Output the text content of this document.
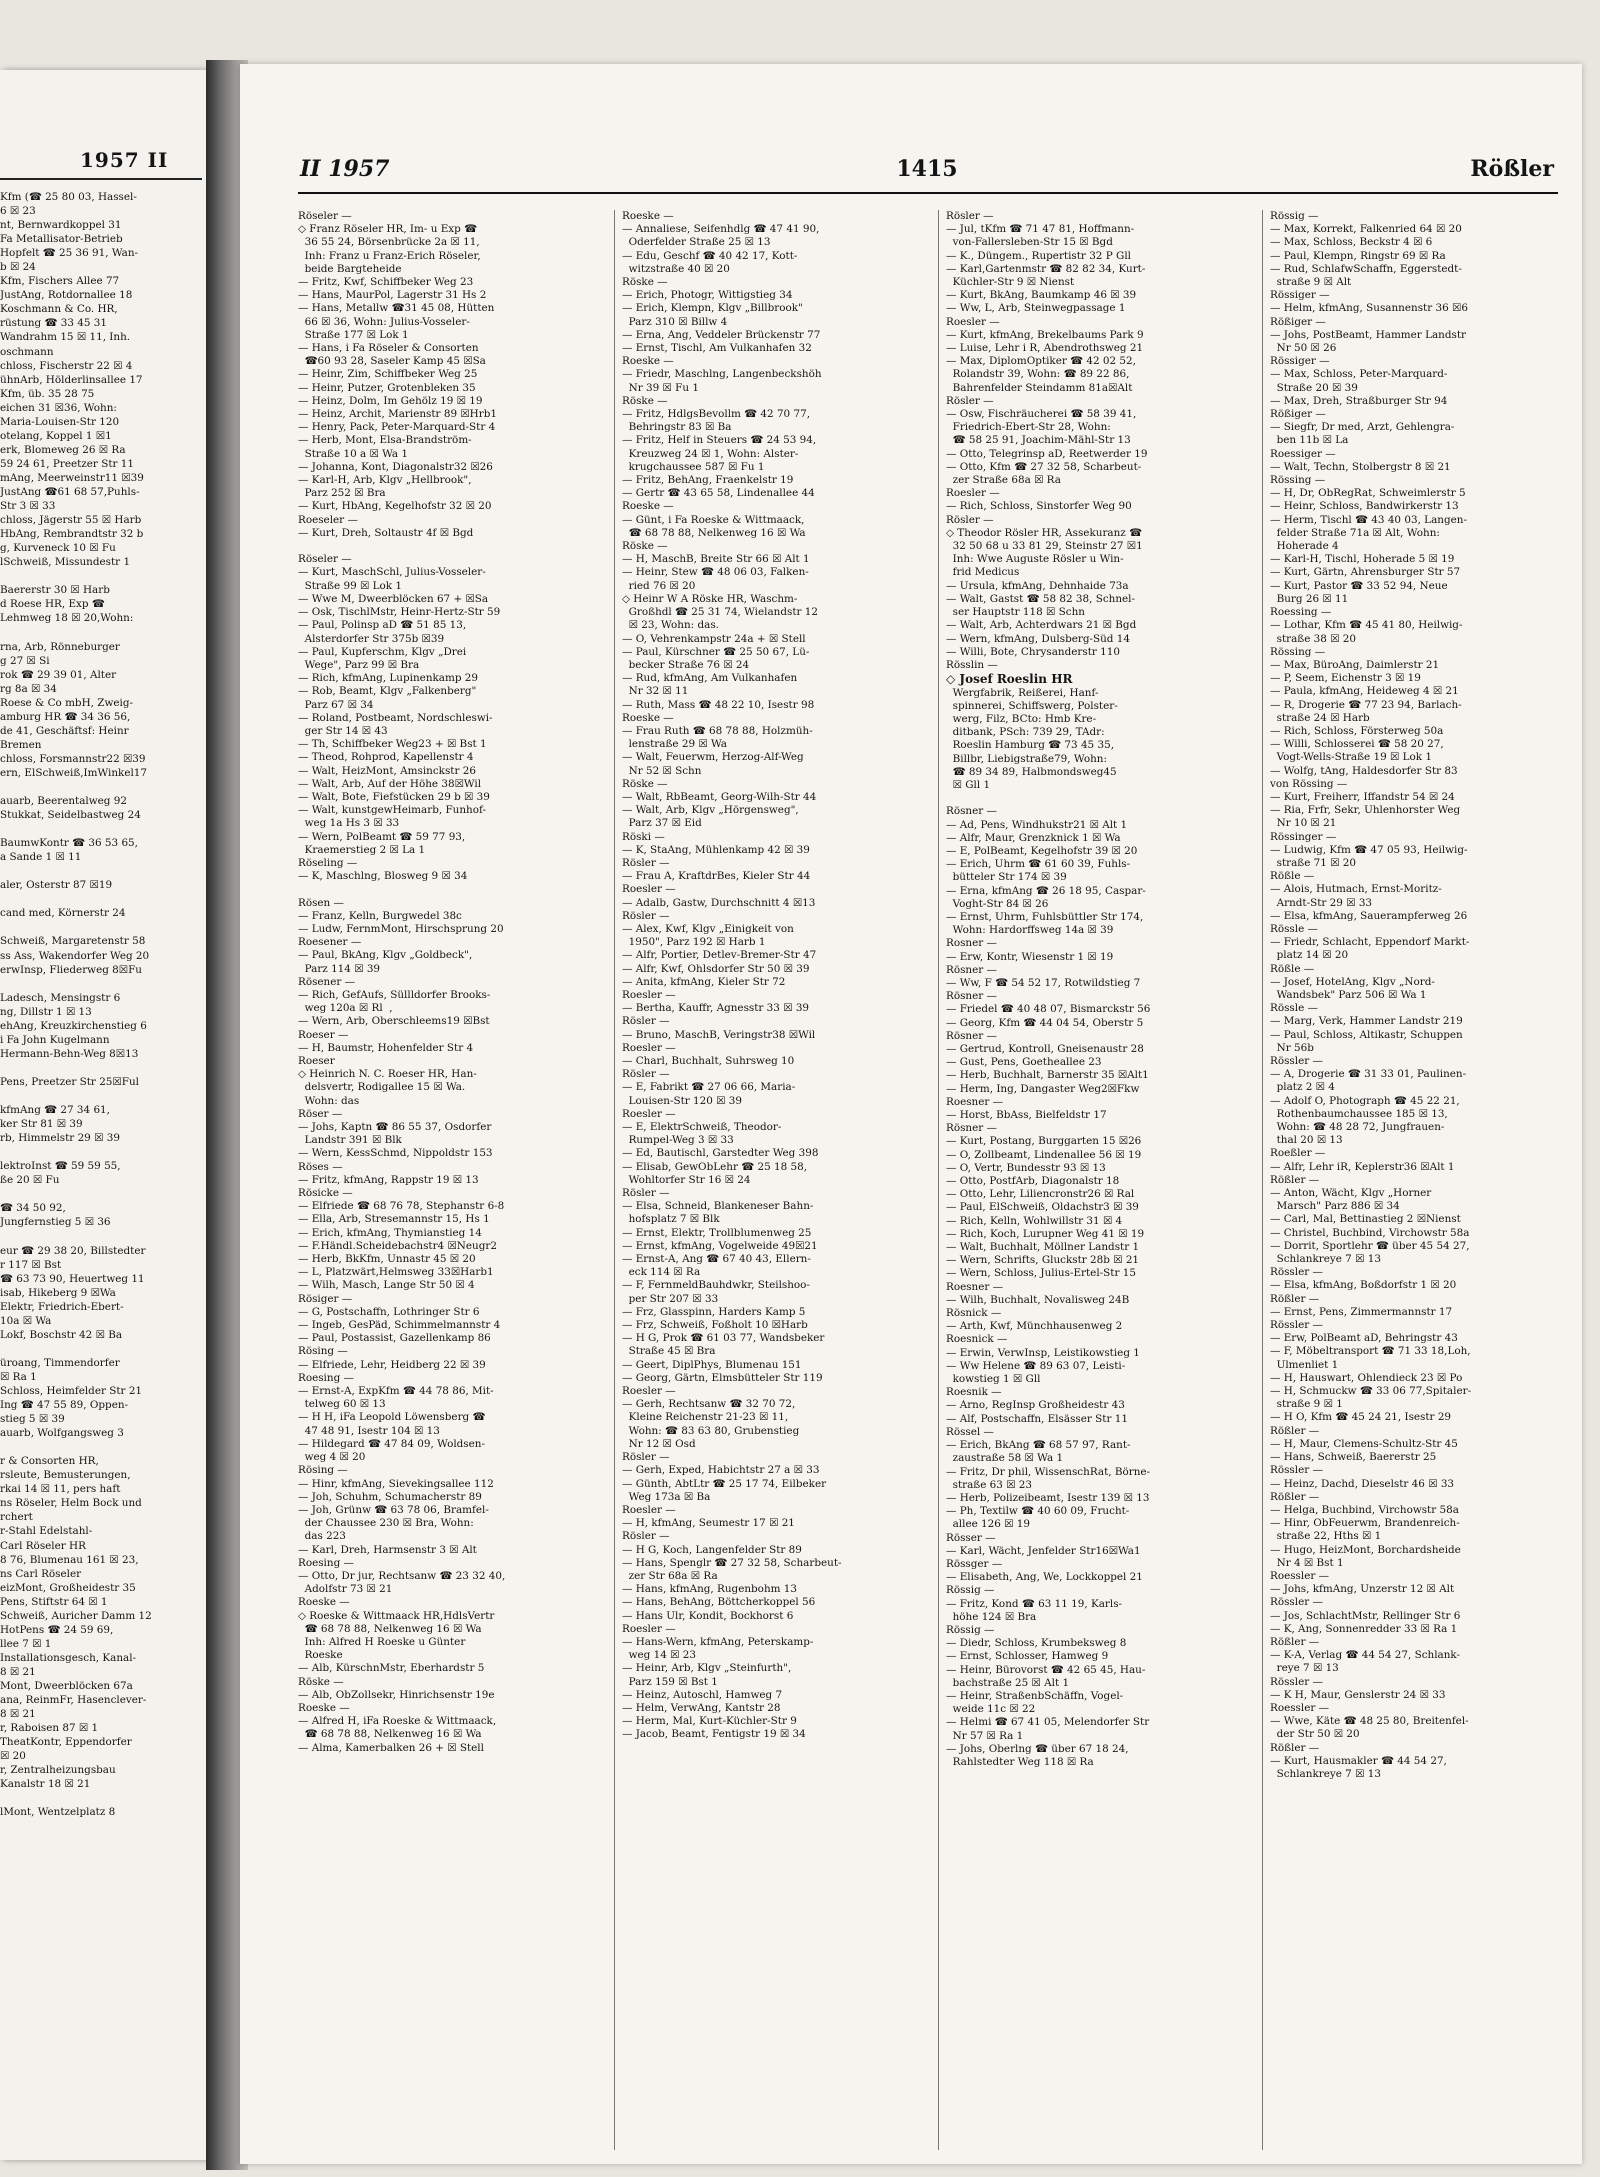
1957 II
Kfm (☎ 25 80 03, Hassel-
6 ☒ 23
nt, Bernwardkoppel 31
Fa Metallisator-Betrieb
Hopfelt ☎ 25 36 91, Wan-
b ☒ 24
Kfm, Fischers Allee 77
JustAng, Rotdornallee 18
Koschmann & Co. HR,
rüstung ☎ 33 45 31
Wandrahm 15 ☒ 11, Inh.
oschmann
chloss, Fischerstr 22 ☒ 4
ühnArb, Hölderlinsallee 17
Kfm, üb. 35 28 75
eichen 31 ☒36, Wohn:
Maria-Louisen-Str 120
otelang, Koppel 1 ☒1
erk, Blomeweg 26 ☒ Ra
59 24 61, Preetzer Str 11
mAng, Meerweinstr11 ☒39
JustAng ☎61 68 57,Puhls-
Str 3 ☒ 33
chloss, Jägerstr 55 ☒ Harb
HbAng, Rembrandtstr 32 b
g, Kurveneck 10 ☒ Fu
lSchweiß, Missundestr 1

Baererstr 30 ☒ Harb
d Roese HR, Exp ☎
Lehmweg 18 ☒ 20,Wohn:

rna, Arb, Rönneburger
g 27 ☒ Si
rok ☎ 29 39 01, Alter
rg 8a ☒ 34
Roese & Co mbH, Zweig-
amburg HR ☎ 34 36 56,
de 41, Geschäftsf: Heinr
Bremen
chloss, Forsmannstr22 ☒39
ern, ElSchweiß,ImWinkel17

auarb, Beerentalweg 92
Stukkat, Seidelbastweg 24

BaumwKontr ☎ 36 53 65,
a Sande 1 ☒ 11

aler, Osterstr 87 ☒19

cand med, Körnerstr 24

Schweiß, Margaretenstr 58
ss Ass, Wakendorfer Weg 20
erwInsp, Fliederweg 8☒Fu

Ladesch, Mensingstr 6
ng, Dillstr 1 ☒ 13
ehAng, Kreuzkirchenstieg 6
i Fa John Kugelmann
Hermann-Behn-Weg 8☒13

Pens, Preetzer Str 25☒Ful

kfmAng ☎ 27 34 61,
ker Str 81 ☒ 39
rb, Himmelstr 29 ☒ 39

lektroInst ☎ 59 59 55,
ße 20 ☒ Fu

☎ 34 50 92,
Jungfernstieg 5 ☒ 36

eur ☎ 29 38 20, Billstedter
r 117 ☒ Bst
☎ 63 73 90, Heuertweg 11
isab, Hikeberg 9 ☒Wa
Elektr, Friedrich-Ebert-
10a ☒ Wa
Lokf, Boschstr 42 ☒ Ba

üroang, Timmendorfer
☒ Ra 1
Schloss, Heimfelder Str 21
Ing ☎ 47 55 89, Oppen-
stieg 5 ☒ 39
auarb, Wolfgangsweg 3

r & Consorten HR,
rsleute, Bemusterungen,
rkai 14 ☒ 11, pers haft
ns Röseler, Helm Bock und
rchert
r-Stahl Edelstahl-
Carl Röseler HR
8 76, Blumenau 161 ☒ 23,
ns Carl Röseler
eizMont, Großheidestr 35
Pens, Stiftstr 64 ☒ 1
Schweiß, Auricher Damm 12
HotPens ☎ 24 59 69,
llee 7 ☒ 1
Installationsgesch, Kanal-
8 ☒ 21
Mont, Dweerblöcken 67a
ana, ReinmFr, Hasenclever-
8 ☒ 21
r, Raboisen 87 ☒ 1
TheatKontr, Eppendorfer
☒ 20
r, Zentralheizungsbau
Kanalstr 18 ☒ 21

lMont, Wentzelplatz 8
II 1957	1415	Rößler
Röseler —
◇ Franz Röseler HR, Im- u Exp ☎
36 55 24, Börsenbrücke 2a ☒ 11,
Inh: Franz u Franz-Erich Röseler,
beide Bargteheide
— Fritz, Kwf, Schiffbeker Weg 23
— Hans, MaurPol, Lagerstr 31 Hs 2
— Hans, Metallw ☎31 45 08, Hütten
66 ☒ 36, Wohn: Julius-Vosseler-
Straße 177 ☒ Lok 1
— Hans, i Fa Röseler & Consorten
☎60 93 28, Saseler Kamp 45 ☒Sa
— Heinr, Zim, Schiffbeker Weg 25
— Heinr, Putzer, Grotenbleken 35
— Heinz, Dolm, Im Gehölz 19 ☒ 19
— Heinz, Archit, Marienstr 89 ☒Hrb1
— Henry, Pack, Peter-Marquard-Str 4
— Herb, Mont, Elsa-Brandström-
Straße 10 a ☒ Wa 1
— Johanna, Kont, Diagonalstr32 ☒26
— Karl-H, Arb, Klgv „Hellbrook",
Parz 252 ☒ Bra
— Kurt, HbAng, Kegelhofstr 32 ☒ 20
Roeseler —
— Kurt, Dreh, Soltaustr 4f ☒ Bgd

Röseler —
— Kurt, MaschSchl, Julius-Vosseler-
Straße 99 ☒ Lok 1
— Wwe M, Dweerblöcken 67 + ☒Sa
— Osk, TischlMstr, Heinr-Hertz-Str 59
— Paul, Polinsp aD ☎ 51 85 13,
Alsterdorfer Str 375b ☒39
— Paul, Kupferschm, Klgv „Drei
Wege", Parz 99 ☒ Bra
— Rich, kfmAng, Lupinenkamp 29
— Rob, Beamt, Klgv „Falkenberg"
Parz 67 ☒ 34
— Roland, Postbeamt, Nordschleswi-
ger Str 14 ☒ 43
— Th, Schiffbeker Weg23 + ☒ Bst 1
— Theod, Rohprod, Kapellenstr 4
— Walt, HeizMont, Amsinckstr 26
— Walt, Arb, Auf der Höhe 38☒Wil
— Walt, Bote, Fiefstücken 29 b ☒ 39
— Walt, kunstgewHeimarb, Funhof-
weg 1a Hs 3 ☒ 33
— Wern, PolBeamt ☎ 59 77 93,
Kraemerstieg 2 ☒ La 1
Röseling —
— K, Maschlng, Blosweg 9 ☒ 34

Rösen —
— Franz, Kelln, Burgwedel 38c
— Ludw, FernmMont, Hirschsprung 20
Roesener —
— Paul, BkAng, Klgv „Goldbeck",
Parz 114 ☒ 39
Rösener —
— Rich, GefAufs, Süllldorfer Brooks-
weg 120a ☒ Rl  ,
— Wern, Arb, Oberschleems19 ☒Bst
Roeser —
— H, Baumstr, Hohenfelder Str 4
Roeser
◇ Heinrich N. C. Roeser HR, Han-
delsvertr, Rodigallee 15 ☒ Wa.
Wohn: das
Röser —
— Johs, Kaptn ☎ 86 55 37, Osdorfer
Landstr 391 ☒ Blk
— Wern, KessSchmd, Nippoldstr 153
Röses —
— Fritz, kfmAng, Rappstr 19 ☒ 13
Rösicke —
— Elfriede ☎ 68 76 78, Stephanstr 6-8
— Ella, Arb, Stresemannstr 15, Hs 1
— Erich, kfmAng, Thymianstieg 14
— F.Händl.Scheidebachstr4 ☒Neugr2
— Herb, BkKfm, Unnastr 45 ☒ 20
— L, Platzwärt,Helmsweg 33☒Harb1
— Wilh, Masch, Lange Str 50 ☒ 4
Rösiger —
— G, Postschaffn, Lothringer Str 6
— Ingeb, GesPäd, Schimmelmannstr 4
— Paul, Postassist, Gazellenkamp 86
Rösing —
— Elfriede, Lehr, Heidberg 22 ☒ 39
Roesing —
— Ernst-A, ExpKfm ☎ 44 78 86, Mit-
telweg 60 ☒ 13
— H H, iFa Leopold Löwensberg ☎
47 48 91, Isestr 104 ☒ 13
— Hildegard ☎ 47 84 09, Woldsen-
weg 4 ☒ 20
Rösing —
— Hinr, kfmAng, Sievekingsallee 112
— Joh, Schuhm, Schumacherstr 89
— Joh, Grünw ☎ 63 78 06, Bramfel-
der Chaussee 230 ☒ Bra, Wohn:
das 223
— Karl, Dreh, Harmsenstr 3 ☒ Alt
Roesing —
— Otto, Dr jur, Rechtsanw ☎ 23 32 40,
Adolfstr 73 ☒ 21
Roeske —
◇ Roeske & Wittmaack HR,HdlsVertr
☎ 68 78 88, Nelkenweg 16 ☒ Wa
Inh: Alfred H Roeske u Günter
Roeske
— Alb, KürschnMstr, Eberhardstr 5
Röske —
— Alb, ObZollsekr, Hinrichsenstr 19e
Roeske —
— Alfred H, iFa Roeske & Wittmaack,
☎ 68 78 88, Nelkenweg 16 ☒ Wa
— Alma, Kamerbalken 26 + ☒ Stell
Roeske —
— Annaliese, Seifenhdlg ☎ 47 41 90,
Oderfelder Straße 25 ☒ 13
— Edu, Geschf ☎ 40 42 17, Kott-
witzstraße 40 ☒ 20
Röske —
— Erich, Photogr, Wittigstieg 34
— Erich, Klempn, Klgv „Billbrook"
Parz 310 ☒ Billw 4
— Erna, Ang, Veddeler Brückenstr 77
— Ernst, Tischl, Am Vulkanhafen 32
Roeske —
— Friedr, Maschlng, Langenbeckshöh
Nr 39 ☒ Fu 1
Röske —
— Fritz, HdlgsBevollm ☎ 42 70 77,
Behringstr 83 ☒ Ba
— Fritz, Helf in Steuers ☎ 24 53 94,
Kreuzweg 24 ☒ 1, Wohn: Alster-
krugchaussee 587 ☒ Fu 1
— Fritz, BehAng, Fraenkelstr 19
— Gertr ☎ 43 65 58, Lindenallee 44
Roeske —
— Günt, i Fa Roeske & Wittmaack,
☎ 68 78 88, Nelkenweg 16 ☒ Wa
Röske —
— H, MaschB, Breite Str 66 ☒ Alt 1
— Heinr, Stew ☎ 48 06 03, Falken-
ried 76 ☒ 20
◇ Heinr W A Röske HR, Waschm-
Großhdl ☎ 25 31 74, Wielandstr 12
☒ 23, Wohn: das.
— O, Vehrenkampstr 24a + ☒ Stell
— Paul, Kürschner ☎ 25 50 67, Lü-
becker Straße 76 ☒ 24
— Rud, kfmAng, Am Vulkanhafen
Nr 32 ☒ 11
— Ruth, Mass ☎ 48 22 10, Isestr 98
Roeske —
— Frau Ruth ☎ 68 78 88, Holzmüh-
lenstraße 29 ☒ Wa
— Walt, Feuerwm, Herzog-Alf-Weg
Nr 52 ☒ Schn
Röske —
— Walt, RbBeamt, Georg-Wilh-Str 44
— Walt, Arb, Klgv „Hörgensweg",
Parz 37 ☒ Eid
Röski —
— K, StaAng, Mühlenkamp 42 ☒ 39
Rösler —
— Frau A, KraftdrBes, Kieler Str 44
Roesler —
— Adalb, Gastw, Durchschnitt 4 ☒13
Rösler —
— Alex, Kwf, Klgv „Einigkeit von
1950", Parz 192 ☒ Harb 1
— Alfr, Portier, Detlev-Bremer-Str 47
— Alfr, Kwf, Ohlsdorfer Str 50 ☒ 39
— Anita, kfmAng, Kieler Str 72
Roesler —
— Bertha, Kauffr, Agnesstr 33 ☒ 39
Rösler —
— Bruno, MaschB, Veringstr38 ☒Wil
Roesler —
— Charl, Buchhalt, Suhrsweg 10
Rösler —
— E, Fabrikt ☎ 27 06 66, Maria-
Louisen-Str 120 ☒ 39
Roesler —
— E, ElektrSchweiß, Theodor-
Rumpel-Weg 3 ☒ 33
— Ed, Bautischl, Garstedter Weg 398
— Elisab, GewObLehr ☎ 25 18 58,
Wohltorfer Str 16 ☒ 24
Rösler —
— Elsa, Schneid, Blankeneser Bahn-
hofsplatz 7 ☒ Blk
— Ernst, Elektr, Trollblumenweg 25
— Ernst, kfmAng, Vogelweide 49☒21
— Ernst-A, Ang ☎ 67 40 43, Ellern-
eck 114 ☒ Ra
— F, FernmeldBauhdwkr, Steilshoo-
per Str 207 ☒ 33
— Frz, Glasspinn, Harders Kamp 5
— Frz, Schweiß, Foßholt 10 ☒Harb
— H G, Prok ☎ 61 03 77, Wandsbeker
Straße 45 ☒ Bra
— Geert, DiplPhys, Blumenau 151
— Georg, Gärtn, Elmsbütteler Str 119
Roesler —
— Gerh, Rechtsanw ☎ 32 70 72,
Kleine Reichenstr 21-23 ☒ 11,
Wohn: ☎ 83 63 80, Grubenstieg
Nr 12 ☒ Osd
Rösler —
— Gerh, Exped, Habichtstr 27 a ☒ 33
— Günth, AbtLtr ☎ 25 17 74, Eilbeker
Weg 173a ☒ Ba
Roesler —
— H, kfmAng, Seumestr 17 ☒ 21
Rösler —
— H G, Koch, Langenfelder Str 89
— Hans, Spenglr ☎ 27 32 58, Scharbeut-
zer Str 68a ☒ Ra
— Hans, kfmAng, Rugenbohm 13
— Hans, BehAng, Böttcherkoppel 56
— Hans Ulr, Kondit, Bockhorst 6
Roesler —
— Hans-Wern, kfmAng, Peterskamp-
weg 14 ☒ 23
— Heinr, Arb, Klgv „Steinfurth",
Parz 159 ☒ Bst 1
— Heinz, Autoschl, Hamweg 7
— Helm, VerwAng, Kantstr 28
— Herm, Mal, Kurt-Küchler-Str 9
— Jacob, Beamt, Fentigstr 19 ☒ 34
Rösler —
— Jul, tKfm ☎ 71 47 81, Hoffmann-
von-Fallersleben-Str 15 ☒ Bgd
— K., Düngem., Rupertistr 32 P Gll
— Karl,Gartenmstr ☎ 82 82 34, Kurt-
Küchler-Str 9 ☒ Nienst
— Kurt, BkAng, Baumkamp 46 ☒ 39
— Ww, L, Arb, Steinwegpassage 1
Roesler —
— Kurt, kfmAng, Brekelbaums Park 9
— Luise, Lehr i R, Abendrothsweg 21
— Max, DiplomOptiker ☎ 42 02 52,
Rolandstr 39, Wohn: ☎ 89 22 86,
Bahrenfelder Steindamm 81a☒Alt
Rösler —
— Osw, Fischräucherei ☎ 58 39 41,
Friedrich-Ebert-Str 28, Wohn:
☎ 58 25 91, Joachim-Mähl-Str 13
— Otto, Telegrinsp aD, Reetwerder 19
— Otto, Kfm ☎ 27 32 58, Scharbeut-
zer Straße 68a ☒ Ra
Roesler —
— Rich, Schloss, Sinstorfer Weg 90
Rösler —
◇ Theodor Rösler HR, Assekuranz ☎
32 50 68 u 33 81 29, Steinstr 27 ☒1
Inh: Wwe Auguste Rösler u Win-
frid Medicus
— Ursula, kfmAng, Dehnhaide 73a
— Walt, Gastst ☎ 58 82 38, Schnel-
ser Hauptstr 118 ☒ Schn
— Walt, Arb, Achterdwars 21 ☒ Bgd
— Wern, kfmAng, Dulsberg-Süd 14
— Willi, Bote, Chrysanderstr 110
Rösslin —
◇ Josef Roeslin HR
Wergfabrik, Reißerei, Hanf-
spinnerei, Schiffswerg, Polster-
werg, Filz, BCto: Hmb Kre-
ditbank, PSch: 739 29, TAdr:
Roeslin Hamburg ☎ 73 45 35,
Billbr, Liebigstraße79, Wohn:
☎ 89 34 89, Halbmondsweg45
☒ Gll 1

Rösner —
— Ad, Pens, Windhukstr21 ☒ Alt 1
— Alfr, Maur, Grenzknick 1 ☒ Wa
— E, PolBeamt, Kegelhofstr 39 ☒ 20
— Erich, Uhrm ☎ 61 60 39, Fuhls-
bütteler Str 174 ☒ 39
— Erna, kfmAng ☎ 26 18 95, Caspar-
Voght-Str 84 ☒ 26
— Ernst, Uhrm, Fuhlsbüttler Str 174,
Wohn: Hardorffsweg 14a ☒ 39
Rosner —
— Erw, Kontr, Wiesenstr 1 ☒ 19
Rösner —
— Ww, F ☎ 54 52 17, Rotwildstieg 7
Rösner —
— Friedel ☎ 40 48 07, Bismarckstr 56
— Georg, Kfm ☎ 44 04 54, Oberstr 5
Rösner —
— Gertrud, Kontroll, Gneisenaustr 28
— Gust, Pens, Goetheallee 23
— Herb, Buchhalt, Barnerstr 35 ☒Alt1
— Herm, Ing, Dangaster Weg2☒Fkw
Roesner —
— Horst, BbAss, Bielfeldstr 17
Rösner —
— Kurt, Postang, Burggarten 15 ☒26
— O, Zollbeamt, Lindenallee 56 ☒ 19
— O, Vertr, Bundesstr 93 ☒ 13
— Otto, PostfArb, Diagonalstr 18
— Otto, Lehr, Liliencronstr26 ☒ Ral
— Paul, ElSchweiß, Oldachstr3 ☒ 39
— Rich, Kelln, Wohlwillstr 31 ☒ 4
— Rich, Koch, Lurupner Weg 41 ☒ 19
— Walt, Buchhalt, Möllner Landstr 1
— Wern, Schrifts, Gluckstr 28b ☒ 21
— Wern, Schloss, Julius-Ertel-Str 15
Roesner —
— Wilh, Buchhalt, Novalisweg 24B
Rösnick —
— Arth, Kwf, Münchhausenweg 2
Roesnick —
— Erwin, VerwInsp, Leistikowstieg 1
— Ww Helene ☎ 89 63 07, Leisti-
kowstieg 1 ☒ Gll
Roesnik —
— Arno, RegInsp Großheidestr 43
— Alf, Postschaffn, Elsässer Str 11
Rössel —
— Erich, BkAng ☎ 68 57 97, Rant-
zaustraße 58 ☒ Wa 1
— Fritz, Dr phil, WissenschRat, Börne-
straße 63 ☒ 23
— Herb, Polizeibeamt, Isestr 139 ☒ 13
— Ph, Textilw ☎ 40 60 09, Frucht-
allee 126 ☒ 19
Rösser —
— Karl, Wächt, Jenfelder Str16☒Wa1
Rössger —
— Elisabeth, Ang, We, Lockkoppel 21
Rössig —
— Fritz, Kond ☎ 63 11 19, Karls-
höhe 124 ☒ Bra
Rössig —
— Diedr, Schloss, Krumbeksweg 8
— Ernst, Schlosser, Hamweg 9
— Heinr, Bürovorst ☎ 42 65 45, Hau-
bachstraße 25 ☒ Alt 1
— Heinr, StraßenbSchäffn, Vogel-
weide 11c ☒ 22
— Helmi ☎ 67 41 05, Melendorfer Str
Nr 57 ☒ Ra 1
— Johs, Oberlng ☎ über 67 18 24,
Rahlstedter Weg 118 ☒ Ra
Rössig —
— Max, Korrekt, Falkenried 64 ☒ 20
— Max, Schloss, Beckstr 4 ☒ 6
— Paul, Klempn, Ringstr 69 ☒ Ra
— Rud, SchlafwSchaffn, Eggerstedt-
straße 9 ☒ Alt
Rössiger —
— Helm, kfmAng, Susannenstr 36 ☒6
Rößiger —
— Johs, PostBeamt, Hammer Landstr
Nr 50 ☒ 26
Rössiger —
— Max, Schloss, Peter-Marquard-
Straße 20 ☒ 39
— Max, Dreh, Straßburger Str 94
Rößiger —
— Siegfr, Dr med, Arzt, Gehlengra-
ben 11b ☒ La
Roessiger —
— Walt, Techn, Stolbergstr 8 ☒ 21
Rössing —
— H, Dr, ObRegRat, Schweimlerstr 5
— Heinr, Schloss, Bandwirkerstr 13
— Herm, Tischl ☎ 43 40 03, Langen-
felder Straße 71a ☒ Alt, Wohn:
Hoherade 4
— Karl-H, Tischl, Hoherade 5 ☒ 19
— Kurt, Gärtn, Ahrensburger Str 57
— Kurt, Pastor ☎ 33 52 94, Neue
Burg 26 ☒ 11
Roessing —
— Lothar, Kfm ☎ 45 41 80, Heilwig-
straße 38 ☒ 20
Rössing —
— Max, BüroAng, Daimlerstr 21
— P, Seem, Eichenstr 3 ☒ 19
— Paula, kfmAng, Heideweg 4 ☒ 21
— R, Drogerie ☎ 77 23 94, Barlach-
straße 24 ☒ Harb
— Rich, Schloss, Försterweg 50a
— Willi, Schlosserei ☎ 58 20 27,
Vogt-Wells-Straße 19 ☒ Lok 1
— Wolfg, tAng, Haldesdorfer Str 83
von Rössing —
— Kurt, Freiherr, Iffandstr 54 ☒ 24
— Ria, Frfr, Sekr, Uhlenhorster Weg
Nr 10 ☒ 21
Rössinger —
— Ludwig, Kfm ☎ 47 05 93, Heilwig-
straße 71 ☒ 20
Rößle —
— Alois, Hutmach, Ernst-Moritz-
Arndt-Str 29 ☒ 33
— Elsa, kfmAng, Sauerampferweg 26
Rössle —
— Friedr, Schlacht, Eppendorf Markt-
platz 14 ☒ 20
Rößle —
— Josef, HotelAng, Klgv „Nord-
Wandsbek" Parz 506 ☒ Wa 1
Rössle —
— Marg, Verk, Hammer Landstr 219
— Paul, Schloss, Altikastr, Schuppen
Nr 56b
Rössler —
— A, Drogerie ☎ 31 33 01, Paulinen-
platz 2 ☒ 4
— Adolf O, Photograph ☎ 45 22 21,
Rothenbaumchaussee 185 ☒ 13,
Wohn: ☎ 48 28 72, Jungfrauen-
thal 20 ☒ 13
Roeßler —
— Alfr, Lehr iR, Keplerstr36 ☒Alt 1
Rößler —
— Anton, Wächt, Klgv „Horner
Marsch" Parz 886 ☒ 34
— Carl, Mal, Bettinastieg 2 ☒Nienst
— Christel, Buchbind, Virchowstr 58a
— Dorrit, Sportlehr ☎ über 45 54 27,
Schlankreye 7 ☒ 13
Rössler —
— Elsa, kfmAng, Boßdorfstr 1 ☒ 20
Rößler —
— Ernst, Pens, Zimmermannstr 17
Rössler —
— Erw, PolBeamt aD, Behringstr 43
— F, Möbeltransport ☎ 71 33 18,Loh,
Ulmenliet 1
— H, Hauswart, Ohlendieck 23 ☒ Po
— H, Schmuckw ☎ 33 06 77,Spitaler-
straße 9 ☒ 1
— H O, Kfm ☎ 45 24 21, Isestr 29
Rößler —
— H, Maur, Clemens-Schultz-Str 45
— Hans, Schweiß, Baererstr 25
Rössler —
— Heinz, Dachd, Dieselstr 46 ☒ 33
Rößler —
— Helga, Buchbind, Virchowstr 58a
— Hinr, ObFeuerwm, Brandenreich-
straße 22, Hths ☒ 1
— Hugo, HeizMont, Borchardsheide
Nr 4 ☒ Bst 1
Roessler —
— Johs, kfmAng, Unzerstr 12 ☒ Alt
Rössler —
— Jos, SchlachtMstr, Rellinger Str 6
— K, Ang, Sonnenredder 33 ☒ Ra 1
Rößler —
— K-A, Verlag ☎ 44 54 27, Schlank-
reye 7 ☒ 13
Rössler —
— K H, Maur, Genslerstr 24 ☒ 33
Roessler —
— Wwe, Käte ☎ 48 25 80, Breitenfel-
der Str 50 ☒ 20
Rößler —
— Kurt, Hausmakler ☎ 44 54 27,
Schlankreye 7 ☒ 13
